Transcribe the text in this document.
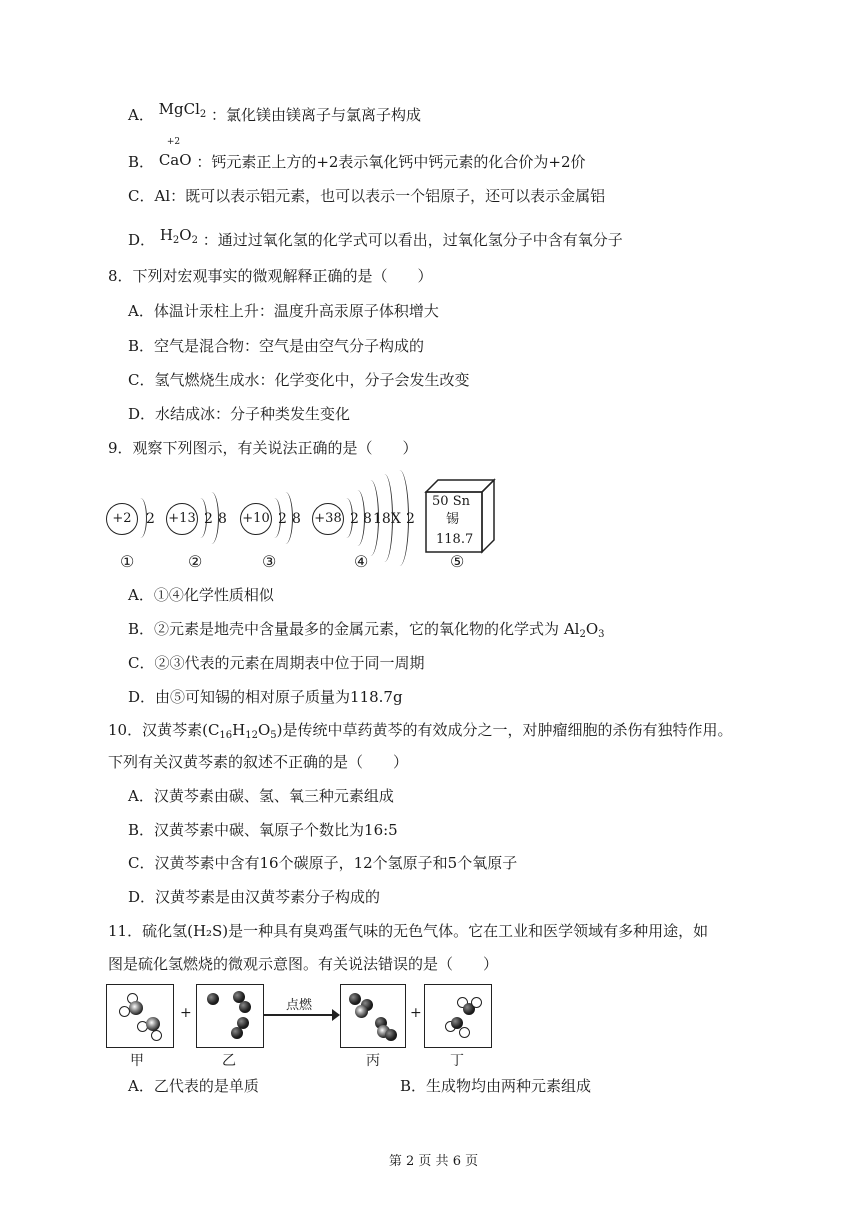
A． MgCl$_2$ ：氯化镁由镁离子与氯离子构成
B．
+2
CaO ：钙元素正上方的+2表示氧化钙中钙元素的化合价为+2价
C．Al：既可以表示铝元素，也可以表示一个铝原子，还可以表示金属铝
D． $H_2O_2$ ：通过过氧化氢的化学式可以看出，过氧化氢分子中含有氧分子
8．下列对宏观事实的微观解释正确的是（　　）
A．体温计汞柱上升：温度升高汞原子体积增大
B．空气是混合物：空气是由空气分子构成的
C．氢气燃烧生成水：化学变化中，分子会发生改变
D．水结成冰：分子种类发生变化
9．观察下列图示，有关说法正确的是（　　）
+2	2
①
+13 2 8
②
+10 2 8
③
+38 2 8 18 X 2
④
50 Sn
锡
118.7
⑤
A．①④化学性质相似
B．②元素是地壳中含量最多的金属元素，它的氧化物的化学式为 $Al_2O_3$
C．②③代表的元素在周期表中位于同一周期
D．由⑤可知锡的相对原子质量为118.7g
10．汉黄芩素$(C_{16}H_{12}O_5)$是传统中草药黄芩的有效成分之一，对肿瘤细胞的杀伤有独特作用。
下列有关汉黄芩素的叙述不正确的是（　　）
A．汉黄芩素由碳、氢、氧三种元素组成
B．汉黄芩素中碳、氧原子个数比为16:5
C．汉黄芩素中含有16个碳原子，12个氢原子和5个氧原子
D．汉黄芩素是由汉黄芩素分子构成的
11．硫化氢(H₂S)是一种具有臭鸡蛋气味的无色气体。它在工业和医学领域有多种用途，如
图是硫化氢燃烧的微观示意图。有关说法错误的是（　　）
+	点燃	+
甲	乙	丙	丁
A．乙代表的是单质	B．生成物均由两种元素组成
第 2 页 共 6 页
